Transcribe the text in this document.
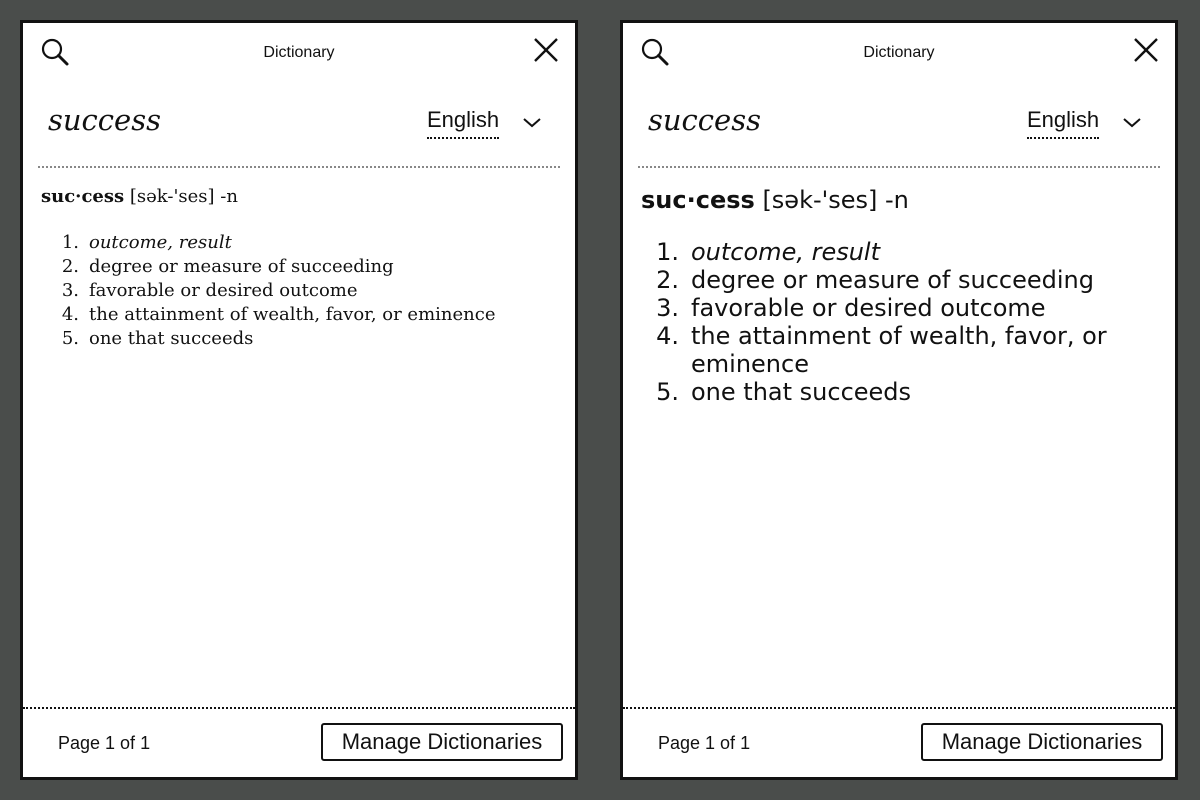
Dictionary
success	English
suc·cess [sək-'ses] -n
1. outcome, result
2. degree or measure of succeeding
3. favorable or desired outcome
4. the attainment of wealth, favor, or eminence
5. one that succeeds
Page 1 of 1	Manage Dictionaries
Dictionary
success	English
suc·cess [sək-'ses] -n
1. outcome, result
2. degree or measure of succeeding
3. favorable or desired outcome
4. the attainment of wealth, favor, or eminence
5. one that succeeds
Page 1 of 1	Manage Dictionaries
